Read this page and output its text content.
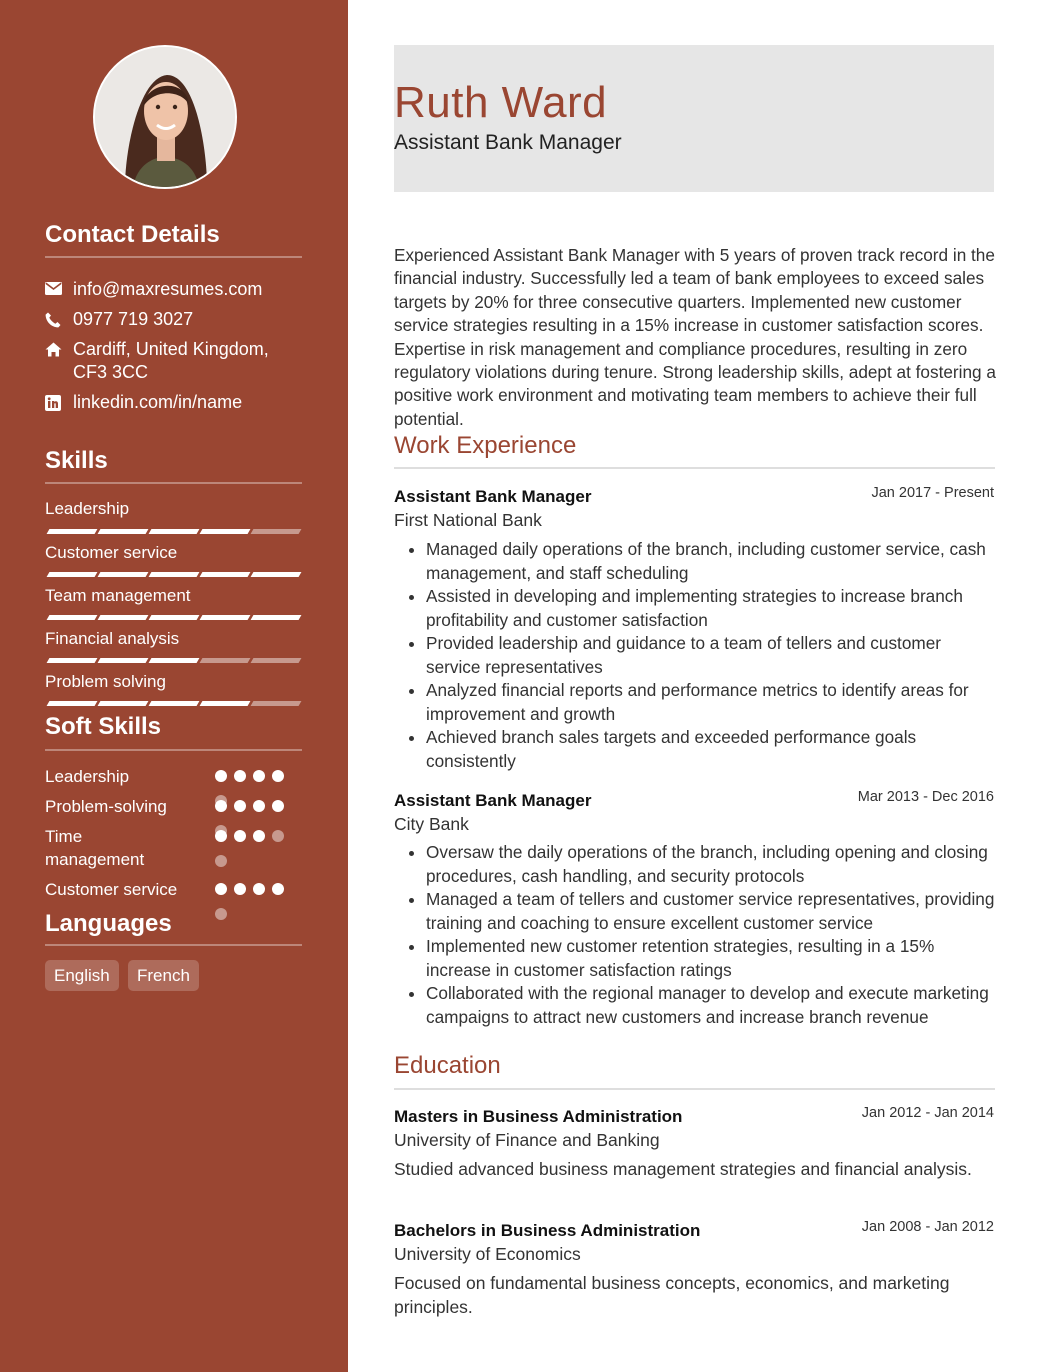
Contact Details
info@maxresumes.com
0977 719 3027
Cardiff, United Kingdom,
CF3 3CC
linkedin.com/in/name
Skills
Leadership
Customer service
Team management
Financial analysis
Problem solving
Soft Skills
Leadership
Problem-solving
Time management
Customer service
Languages
English	French
Ruth Ward
Assistant Bank Manager
Experienced Assistant Bank Manager with 5 years of proven track record in the financial industry. Successfully led a team of bank employees to exceed sales targets by 20% for three consecutive quarters. Implemented new customer service strategies resulting in a 15% increase in customer satisfaction scores. Expertise in risk management and compliance procedures, resulting in zero regulatory violations during tenure. Strong leadership skills, adept at fostering a positive work environment and motivating team members to achieve their full potential.
Work Experience
Assistant Bank Manager	Jan 2017 - Present
First National Bank
• Managed daily operations of the branch, including customer service, cash management, and staff scheduling
• Assisted in developing and implementing strategies to increase branch profitability and customer satisfaction
• Provided leadership and guidance to a team of tellers and customer service representatives
• Analyzed financial reports and performance metrics to identify areas for improvement and growth
• Achieved branch sales targets and exceeded performance goals consistently
Assistant Bank Manager	Mar 2013 - Dec 2016
City Bank
• Oversaw the daily operations of the branch, including opening and closing procedures, cash handling, and security protocols
• Managed a team of tellers and customer service representatives, providing training and coaching to ensure excellent customer service
• Implemented new customer retention strategies, resulting in a 15% increase in customer satisfaction ratings
• Collaborated with the regional manager to develop and execute marketing campaigns to attract new customers and increase branch revenue
Education
Masters in Business Administration	Jan 2012 - Jan 2014
University of Finance and Banking
Studied advanced business management strategies and financial analysis.
Bachelors in Business Administration	Jan 2008 - Jan 2012
University of Economics
Focused on fundamental business concepts, economics, and marketing principles.
